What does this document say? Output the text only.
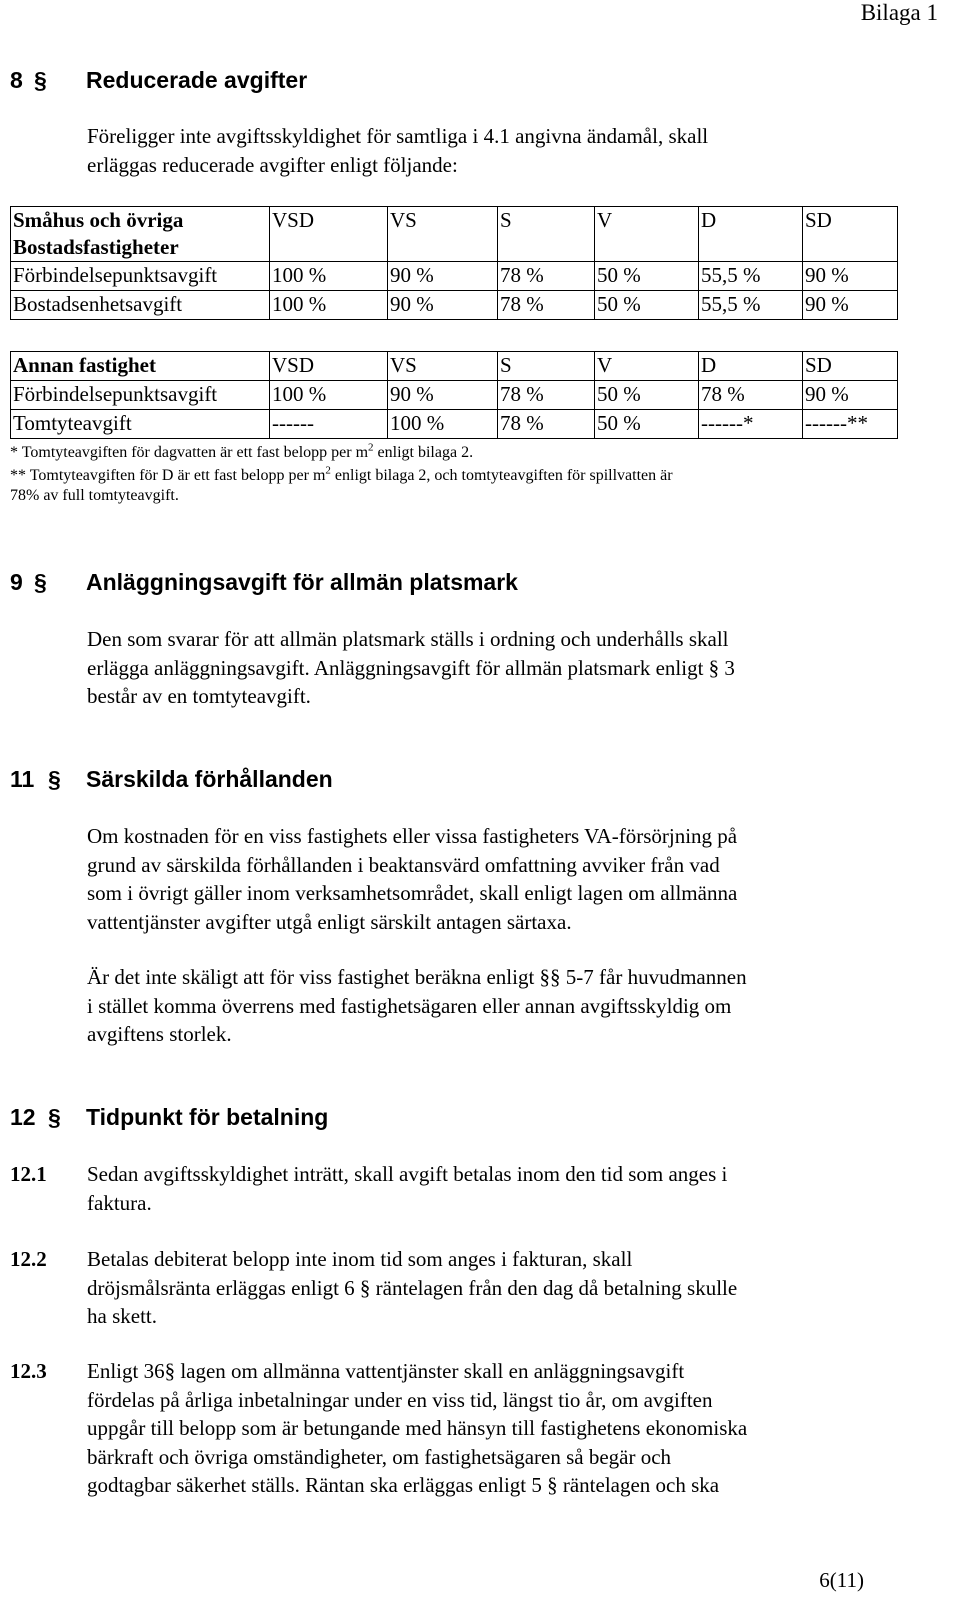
Bilaga 1
8 § Reducerade avgifter

Föreligger inte avgiftsskyldighet för samtliga i 4.1 angivna ändamål, skall

erläggas reducerade avgifter enligt följande:

Småhus och övriga Bostadsfastigheter	VSD	VS	S	V	D	SD
Förbindelsepunktsavgift	100 %	90 %	78 %	50 %	55,5 %	90 %
Bostadsenhetsavgift	100 %	90 %	78 %	50 %	55,5 %	90 %
Annan fastighet	VSD	VS	S	V	D	SD
Förbindelsepunktsavgift	100 %	90 %	78 %	50 %	78 %	90 %
Tomtyteavgift	------	100 %	78 %	50 %	------*	------**

* Tomtyteavgiften för dagvatten är ett fast belopp per $m^2$ enligt bilaga 2.

** Tomtyteavgiften för D är ett fast belopp per $m^2$ enligt bilaga 2, och tomtyteavgiften för spillvatten är

78% av full tomtyteavgift.

9 § Anläggningsavgift för allmän platsmark

Den som svarar för att allmän platsmark ställs i ordning och underhålls skall

erlägga anläggningsavgift. Anläggningsavgift för allmän platsmark enligt § 3

består av en tomtyteavgift.

11 § Särskilda förhållanden

Om kostnaden för en viss fastighets eller vissa fastigheters VA-försörjning på

grund av särskilda förhållanden i beaktansvärd omfattning avviker från vad

som i övrigt gäller inom verksamhetsområdet, skall enligt lagen om allmänna

vattentjänster avgifter utgå enligt särskilt antagen särtaxa.

Är det inte skäligt att för viss fastighet beräkna enligt §§ 5-7 får huvudmannen

i stället komma överrens med fastighetsägaren eller annan avgiftsskyldig om

avgiftens storlek.

12 § Tidpunkt för betalning
12.1 Sedan avgiftsskyldighet inträtt, skall avgift betalas inom den tid som anges i
faktura.
12.2 Betalas debiterat belopp inte inom tid som anges i fakturan, skall
dröjsmålsränta erläggas enligt 6 § räntelagen från den dag då betalning skulle
ha skett.
12.3 Enligt 36§ lagen om allmänna vattentjänster skall en anläggningsavgift
fördelas på årliga inbetalningar under en viss tid, längst tio år, om avgiften
uppgår till belopp som är betungande med hänsyn till fastighetens ekonomiska
bärkraft och övriga omständigheter, om fastighetsägaren så begär och
godtagbar säkerhet ställs. Räntan ska erläggas enligt 5 § räntelagen och ska
6(11)
